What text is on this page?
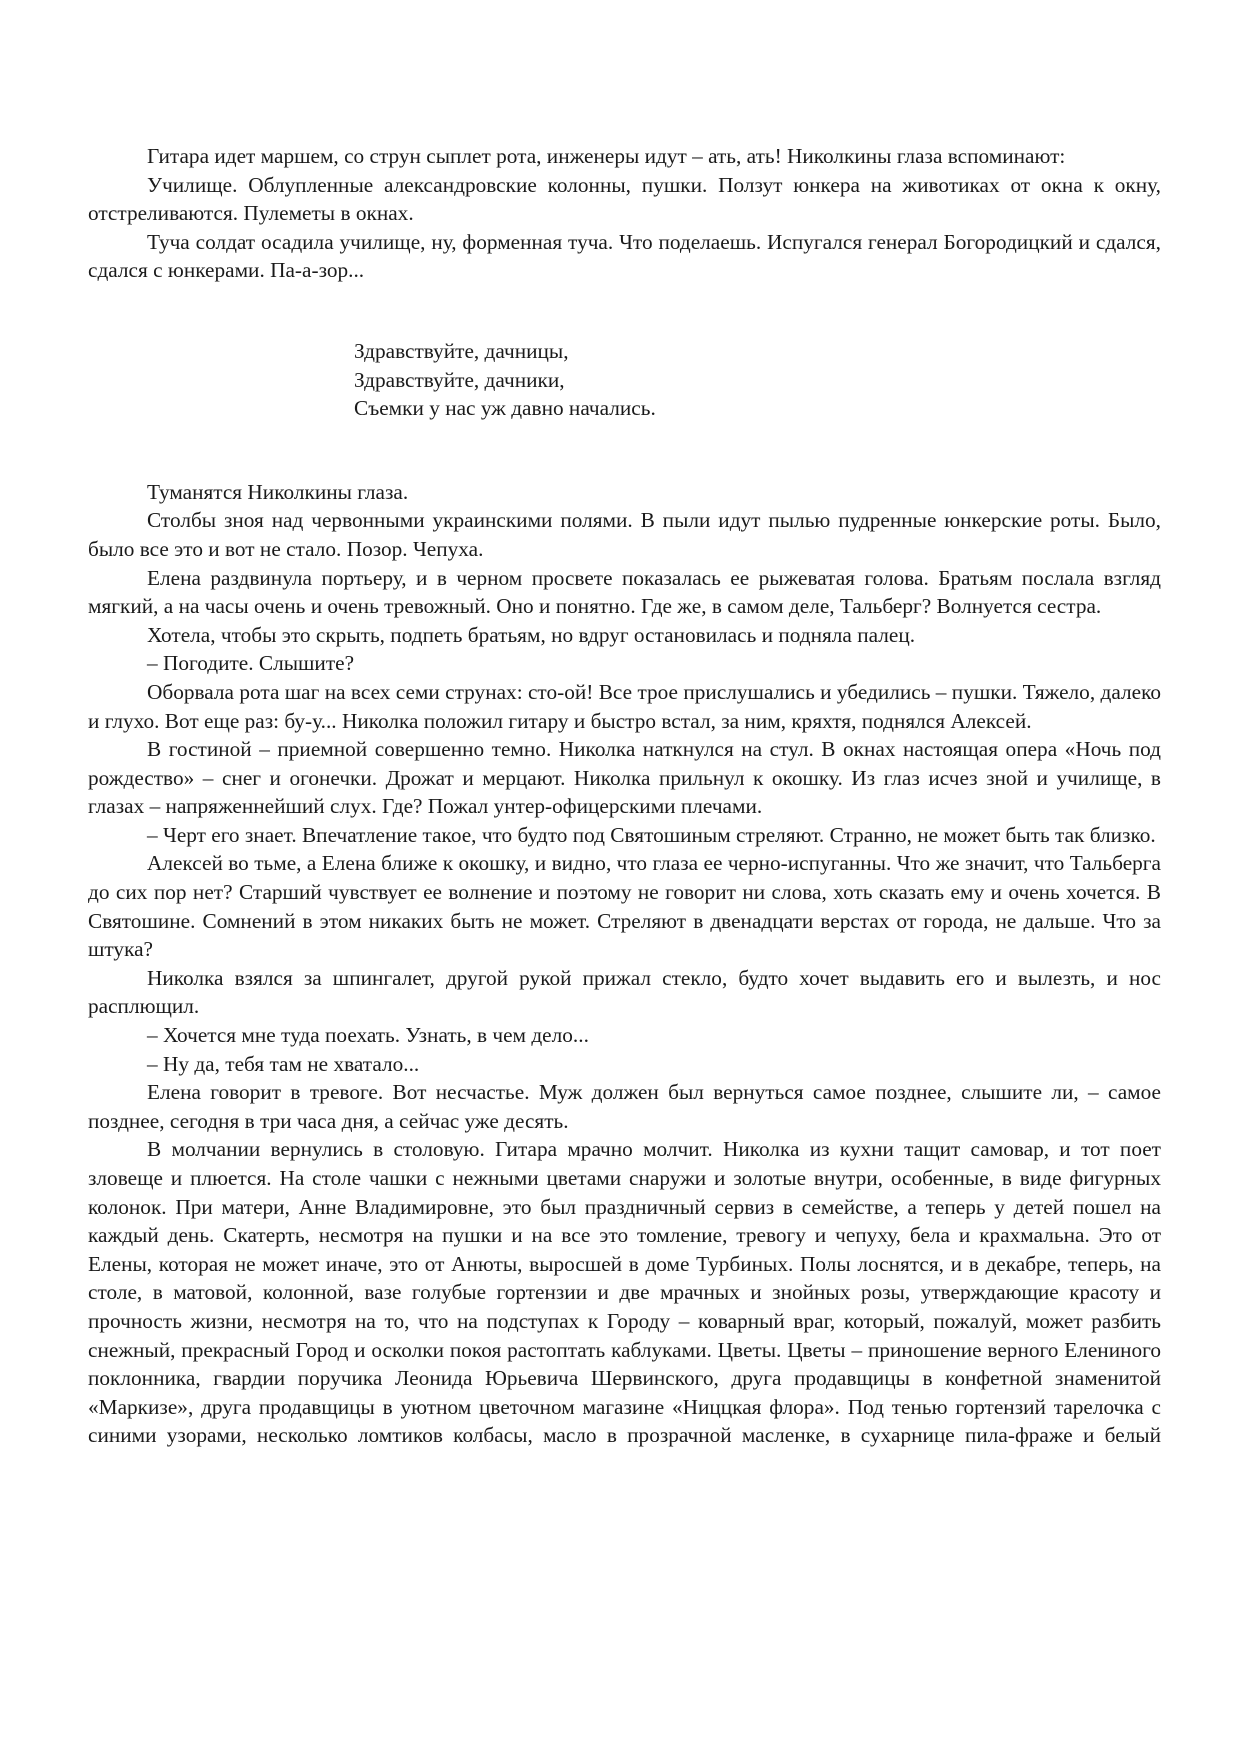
Гитара идет маршем, со струн сыплет рота, инженеры идут – ать, ать! Николкины глаза вспоминают:

Училище. Облупленные александровские колонны, пушки. Ползут юнкера на животиках от окна к окну, отстреливаются. Пулеметы в окнах.

Туча солдат осадила училище, ну, форменная туча. Что поделаешь. Испугался генерал Богородицкий и сдался, сдался с юнкерами. Па-а-зор...

Здравствуйте, дачницы,
Здравствуйте, дачники,
Съемки у нас уж давно начались.

Туманятся Николкины глаза.

Столбы зноя над червонными украинскими полями. В пыли идут пылью пудренные юнкерские роты. Было, было все это и вот не стало. Позор. Чепуха.

Елена раздвинула портьеру, и в черном просвете показалась ее рыжеватая голова. Братьям послала взгляд мягкий, а на часы очень и очень тревожный. Оно и понятно. Где же, в самом деле, Тальберг? Волнуется сестра.

Хотела, чтобы это скрыть, подпеть братьям, но вдруг остановилась и подняла палец.

– Погодите. Слышите?

Оборвала рота шаг на всех семи струнах: сто-ой! Все трое прислушались и убедились – пушки. Тяжело, далеко и глухо. Вот еще раз: бу-у... Николка положил гитару и быстро встал, за ним, кряхтя, поднялся Алексей.

В гостиной – приемной совершенно темно. Николка наткнулся на стул. В окнах настоящая опера «Ночь под рождество» – снег и огонечки. Дрожат и мерцают. Николка прильнул к окошку. Из глаз исчез зной и училище, в глазах – напряженнейший слух. Где? Пожал унтер-офицерскими плечами.

– Черт его знает. Впечатление такое, что будто под Святошиным стреляют. Странно, не может быть так близко.

Алексей во тьме, а Елена ближе к окошку, и видно, что глаза ее черно-испуганны. Что же значит, что Тальберга до сих пор нет? Старший чувствует ее волнение и поэтому не говорит ни слова, хоть сказать ему и очень хочется. В Святошине. Сомнений в этом никаких быть не может. Стреляют в двенадцати верстах от города, не дальше. Что за штука?

Николка взялся за шпингалет, другой рукой прижал стекло, будто хочет выдавить его и вылезть, и нос расплющил.

– Хочется мне туда поехать. Узнать, в чем дело...

– Ну да, тебя там не хватало...

Елена говорит в тревоге. Вот несчастье. Муж должен был вернуться самое позднее, слышите ли, – самое позднее, сегодня в три часа дня, а сейчас уже десять.

В молчании вернулись в столовую. Гитара мрачно молчит. Николка из кухни тащит самовар, и тот поет зловеще и плюется. На столе чашки с нежными цветами снаружи и золотые внутри, особенные, в виде фигурных колонок. При матери, Анне Владимировне, это был праздничный сервиз в семействе, а теперь у детей пошел на каждый день. Скатерть, несмотря на пушки и на все это томление, тревогу и чепуху, бела и крахмальна. Это от Елены, которая не может иначе, это от Анюты, выросшей в доме Турбиных. Полы лоснятся, и в декабре, теперь, на столе, в матовой, колонной, вазе голубые гортензии и две мрачных и знойных розы, утверждающие красоту и прочность жизни, несмотря на то, что на подступах к Городу – коварный враг, который, пожалуй, может разбить снежный, прекрасный Город и осколки покоя растоптать каблуками. Цветы. Цветы – приношение верного Елениного поклонника, гвардии поручика Леонида Юрьевича Шервинского, друга продавщицы в конфетной знаменитой «Маркизе», друга продавщицы в уютном цветочном магазине «Ниццкая флора». Под тенью гортензий тарелочка с синими узорами, несколько ломтиков колбасы, масло в прозрачной масленке, в сухарнице пила-фраже и белый
